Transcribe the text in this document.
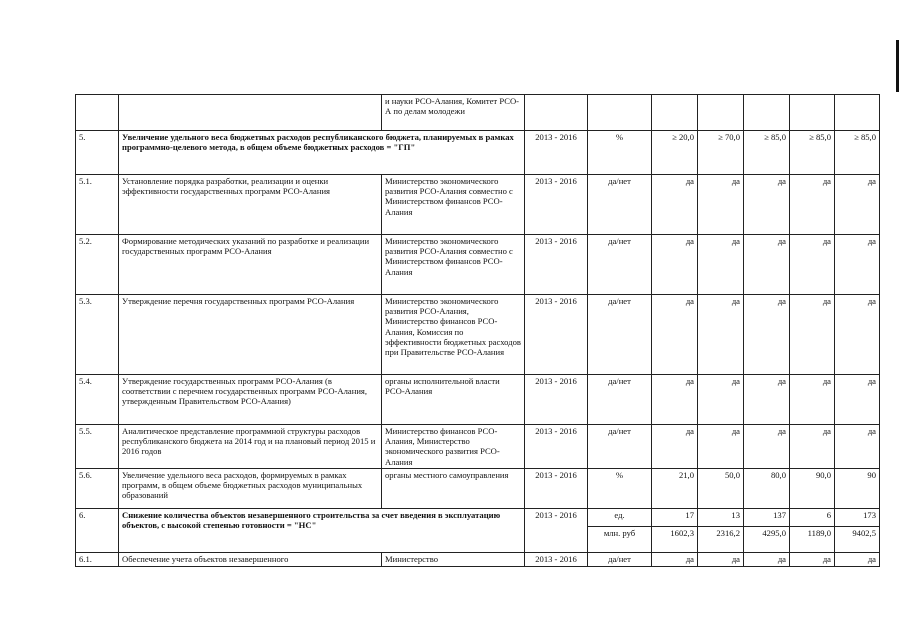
		и науки РСО-Алания, Комитет РСО-А по делам молодежи							
5.	Увеличение удельного веса бюджетных расходов республиканского бюджета, планируемых в рамках программно-целевого метода, в общем объеме бюджетных расходов = "ГП"		2013 - 2016	%	≥ 20,0	≥ 70,0	≥ 85,0	≥ 85,0	≥ 85,0
5.1.	Установление порядка разработки, реализации и оценки эффективности государственных программ РСО-Алания	Министерство экономического развития РСО-Алания совместно с Министерством финансов РСО-Алания	2013 - 2016	да/нет	да	да	да	да	да
5.2.	Формирование методических указаний по разработке и реализации государственных программ РСО-Алания	Министерство экономического развития РСО-Алания совместно с Министерством финансов РСО-Алания	2013 - 2016	да/нет	да	да	да	да	да
5.3.	Утверждение перечня государственных программ РСО-Алания	Министерство экономического развития РСО-Алания, Министерство финансов РСО-Алания, Комиссия по эффективности бюджетных расходов при Правительстве РСО-Алания	2013 - 2016	да/нет	да	да	да	да	да
5.4.	Утверждение государственных программ РСО-Алания (в соответствии с перечнем государственных программ РСО-Алания, утвержденным Правительством РСО-Алания)	органы исполнительной власти РСО-Алания	2013 - 2016	да/нет	да	да	да	да	да
5.5.	Аналитическое представление программной структуры расходов республиканского бюджета на 2014 год и на плановый период 2015 и 2016 годов	Министерство финансов РСО-Алания, Министерство экономического развития РСО-Алания	2013 - 2016	да/нет	да	да	да	да	да
5.6.	Увеличение удельного веса расходов, формируемых в рамках программ, в общем объеме бюджетных расходов муниципальных образований	органы местного самоуправления	2013 - 2016	%	21,0	50,0	80,0	90,0	90
6.	Снижение количества объектов незавершенного строительства за счет введения в эксплуатацию объектов, с высокой степенью готовности = "НС"		2013 - 2016	ед.	17	13	137	6	173
				млн. руб	1602,3	2316,2	4295,0	1189,0	9402,5
6.1.	Обеспечение учета объектов незавершенного	Министерство	2013 - 2016	да/нет	да	да	да	да	да
